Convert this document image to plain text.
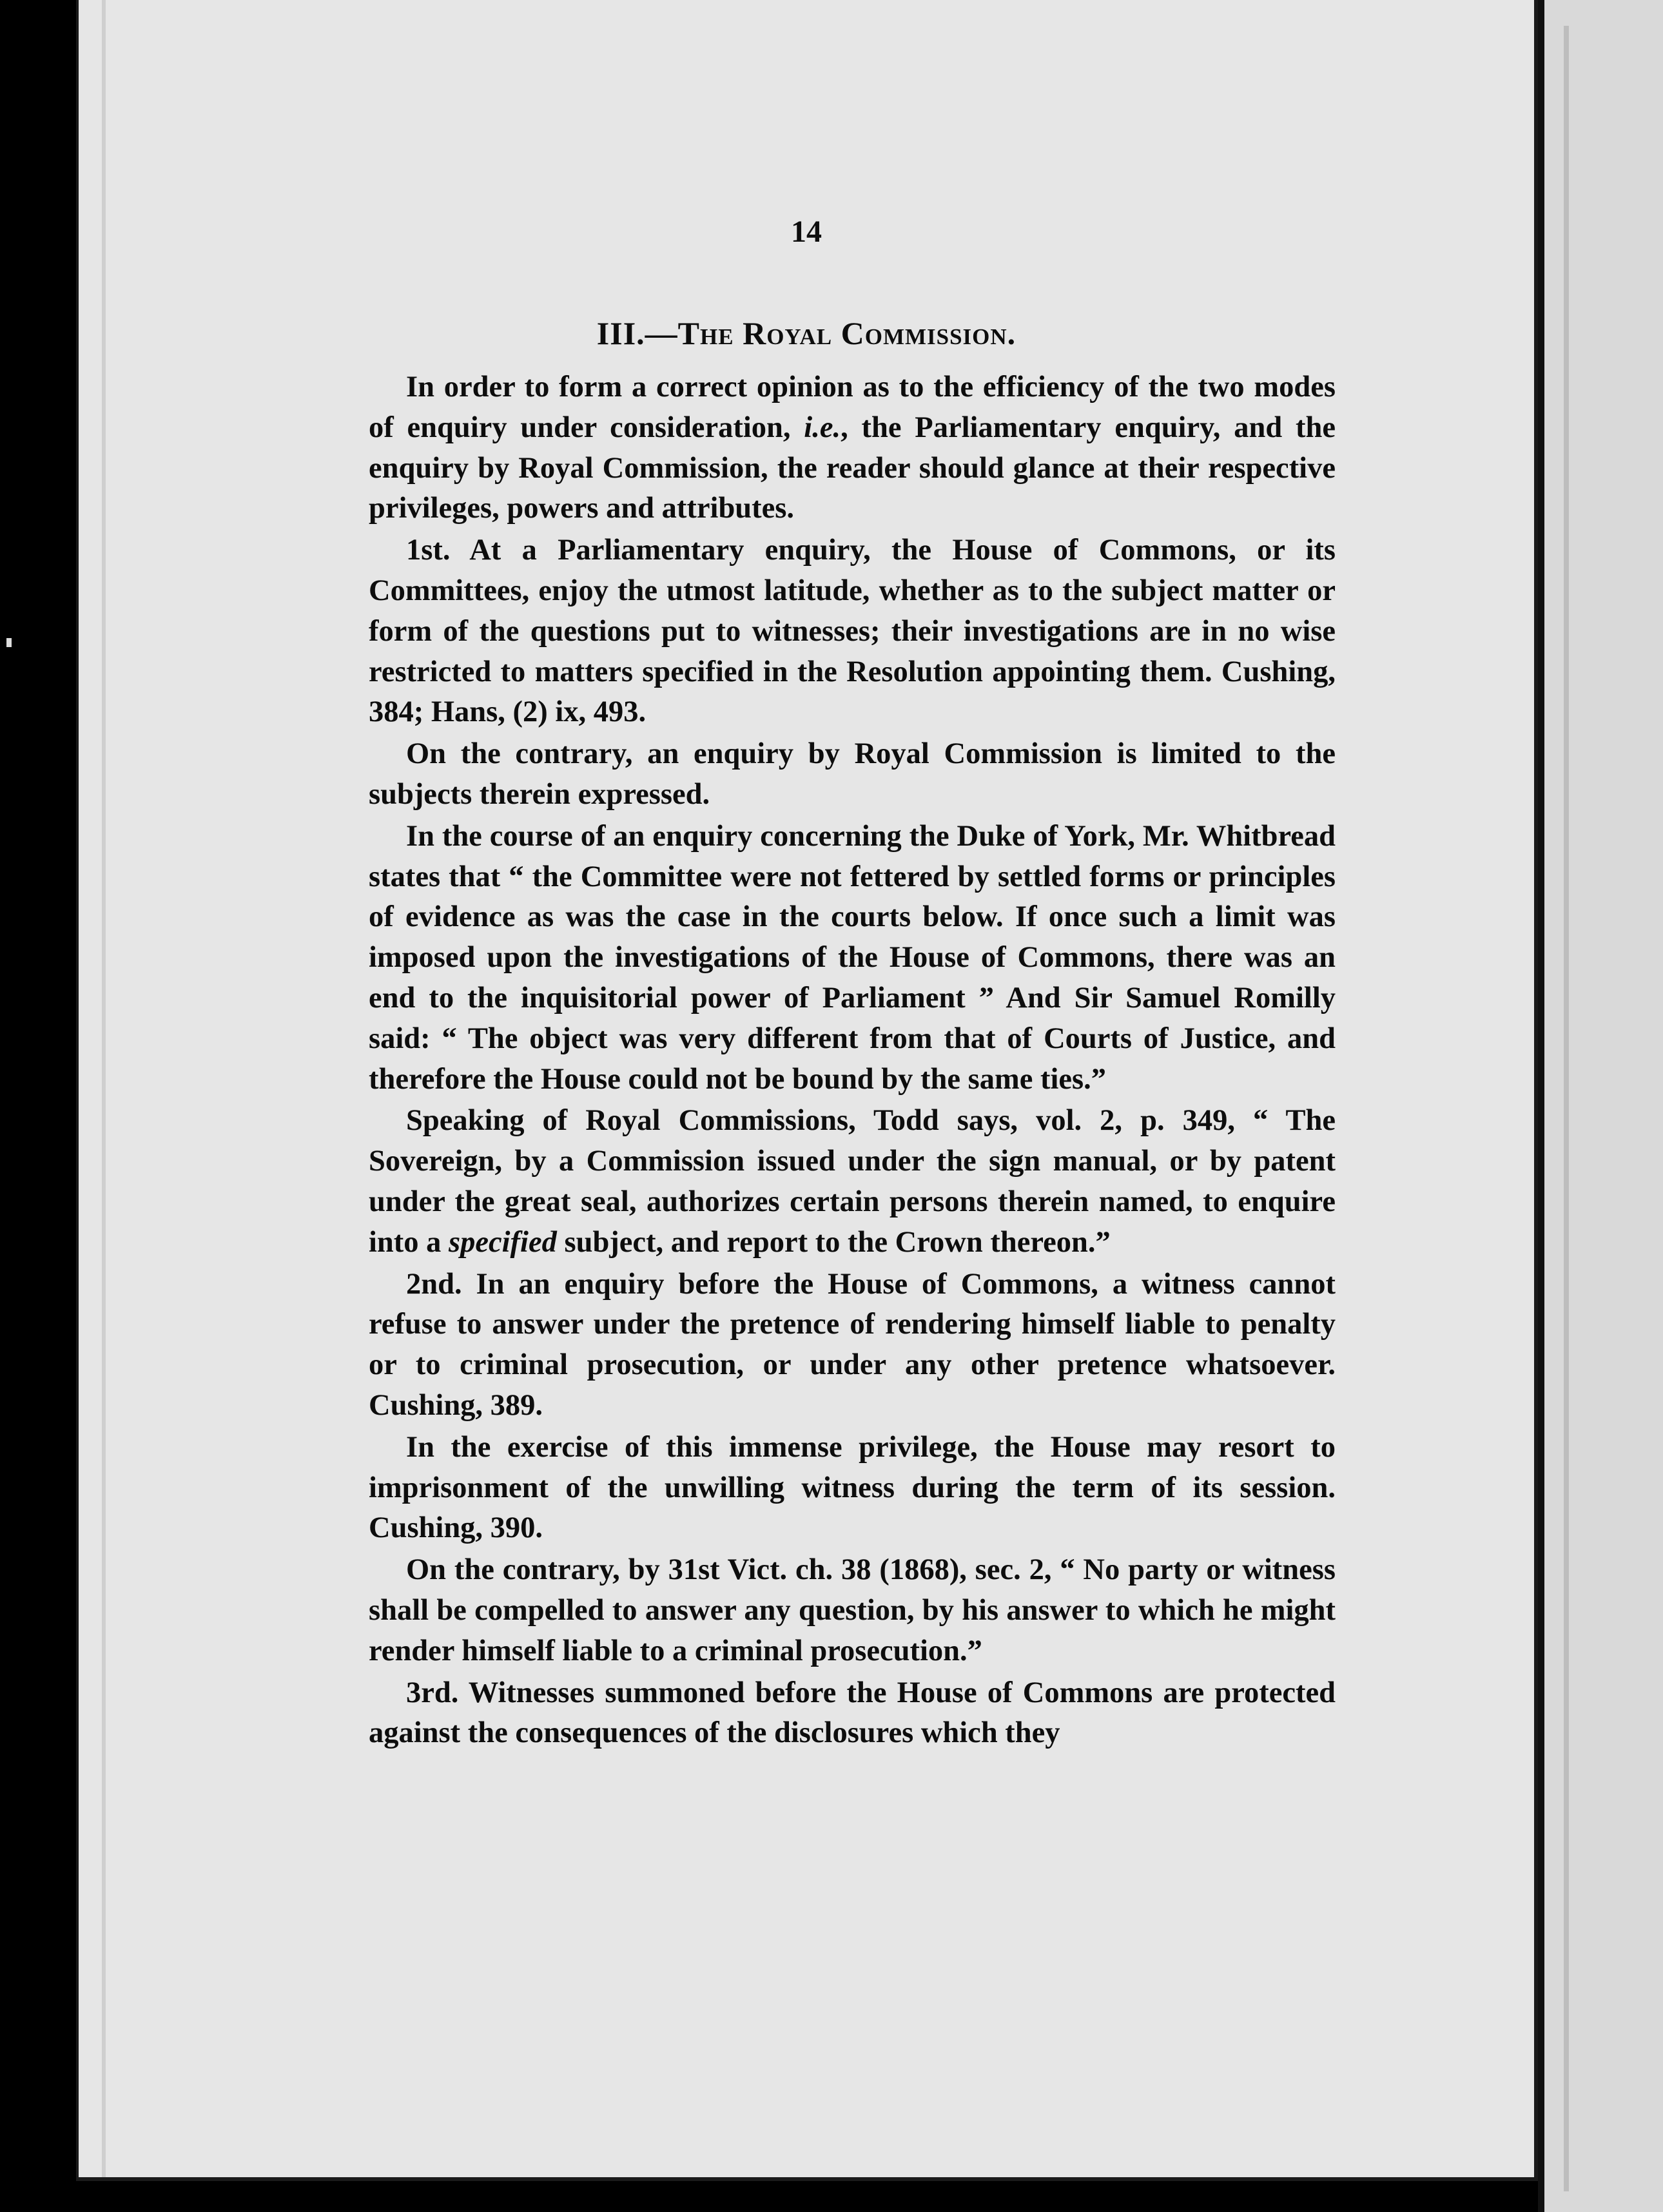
14
III.—The Royal Commission.

In order to form a correct opinion as to the efficiency of the two modes of enquiry under consideration, i.e., the Parliamentary enquiry, and the enquiry by Royal Commission, the reader should glance at their respective privileges, powers and attributes.

1st. At a Parliamentary enquiry, the House of Commons, or its Committees, enjoy the utmost latitude, whether as to the subject matter or form of the questions put to witnesses; their investigations are in no wise restricted to matters specified in the Resolution appointing them. Cushing, 384; Hans, (2) ix, 493.

On the contrary, an enquiry by Royal Commission is limited to the subjects therein expressed.

In the course of an enquiry concerning the Duke of York, Mr. Whitbread states that “ the Committee were not fettered by settled forms or principles of evidence as was the case in the courts below. If once such a limit was imposed upon the investigations of the House of Commons, there was an end to the inquisitorial power of Parliament ” And Sir Samuel Romilly said: “ The object was very different from that of Courts of Justice, and therefore the House could not be bound by the same ties.”

Speaking of Royal Commissions, Todd says, vol. 2, p. 349, “ The Sovereign, by a Commission issued under the sign manual, or by patent under the great seal, authorizes certain persons therein named, to enquire into a specified subject, and report to the Crown thereon.”

2nd. In an enquiry before the House of Commons, a witness cannot refuse to answer under the pretence of rendering himself liable to penalty or to criminal prosecution, or under any other pretence whatsoever. Cushing, 389.

In the exercise of this immense privilege, the House may resort to imprisonment of the unwilling witness during the term of its session. Cushing, 390.

On the contrary, by 31st Vict. ch. 38 (1868), sec. 2, “ No party or witness shall be compelled to answer any question, by his answer to which he might render himself liable to a criminal prosecution.”

3rd. Witnesses summoned before the House of Commons are protected against the consequences of the disclosures which they
